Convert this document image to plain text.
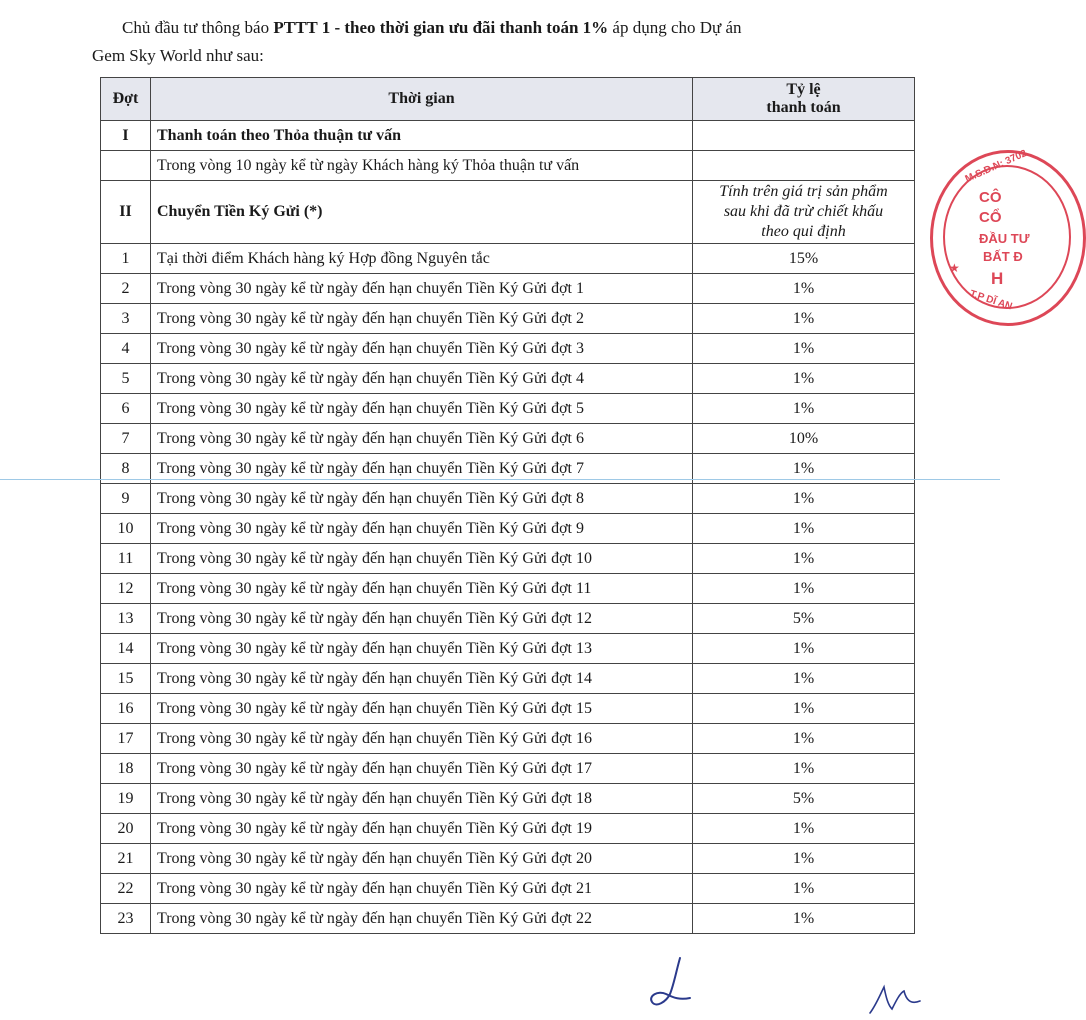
Chủ đầu tư thông báo PTTT 1 - theo thời gian ưu đãi thanh toán 1% áp dụng cho Dự án
Gem Sky World như sau:
Đợt	Thời gian	Tỷ lệ
thanh toán

I	Thanh toán theo Thỏa thuận tư vấn	
	Trong vòng 10 ngày kể từ ngày Khách hàng ký Thỏa thuận tư vấn	
II	Chuyển Tiền Ký Gửi (*)	Tính trên giá trị sản phẩm
sau khi đã trừ chiết khấu
theo qui định

1	Tại thời điểm Khách hàng ký Hợp đồng Nguyên tắc	15%
2	Trong vòng 30 ngày kể từ ngày đến hạn chuyển Tiền Ký Gửi đợt 1	1%
3	Trong vòng 30 ngày kể từ ngày đến hạn chuyển Tiền Ký Gửi đợt 2	1%
4	Trong vòng 30 ngày kể từ ngày đến hạn chuyển Tiền Ký Gửi đợt 3	1%
5	Trong vòng 30 ngày kể từ ngày đến hạn chuyển Tiền Ký Gửi đợt 4	1%
6	Trong vòng 30 ngày kể từ ngày đến hạn chuyển Tiền Ký Gửi đợt 5	1%
7	Trong vòng 30 ngày kể từ ngày đến hạn chuyển Tiền Ký Gửi đợt 6	10%
8	Trong vòng 30 ngày kể từ ngày đến hạn chuyển Tiền Ký Gửi đợt 7	1%
9	Trong vòng 30 ngày kể từ ngày đến hạn chuyển Tiền Ký Gửi đợt 8	1%
10	Trong vòng 30 ngày kể từ ngày đến hạn chuyển Tiền Ký Gửi đợt 9	1%
11	Trong vòng 30 ngày kể từ ngày đến hạn chuyển Tiền Ký Gửi đợt 10	1%
12	Trong vòng 30 ngày kể từ ngày đến hạn chuyển Tiền Ký Gửi đợt 11	1%
13	Trong vòng 30 ngày kể từ ngày đến hạn chuyển Tiền Ký Gửi đợt 12	5%
14	Trong vòng 30 ngày kể từ ngày đến hạn chuyển Tiền Ký Gửi đợt 13	1%
15	Trong vòng 30 ngày kể từ ngày đến hạn chuyển Tiền Ký Gửi đợt 14	1%
16	Trong vòng 30 ngày kể từ ngày đến hạn chuyển Tiền Ký Gửi đợt 15	1%
17	Trong vòng 30 ngày kể từ ngày đến hạn chuyển Tiền Ký Gửi đợt 16	1%
18	Trong vòng 30 ngày kể từ ngày đến hạn chuyển Tiền Ký Gửi đợt 17	1%
19	Trong vòng 30 ngày kể từ ngày đến hạn chuyển Tiền Ký Gửi đợt 18	5%
20	Trong vòng 30 ngày kể từ ngày đến hạn chuyển Tiền Ký Gửi đợt 19	1%
21	Trong vòng 30 ngày kể từ ngày đến hạn chuyển Tiền Ký Gửi đợt 20	1%
22	Trong vòng 30 ngày kể từ ngày đến hạn chuyển Tiền Ký Gửi đợt 21	1%
23	Trong vòng 30 ngày kể từ ngày đến hạn chuyển Tiền Ký Gửi đợt 22	1%
M.S.D.N: 3702
CÔ
CỔ
ĐẦU TƯ
BẤT Đ
H
★
T.P DĨ AN
